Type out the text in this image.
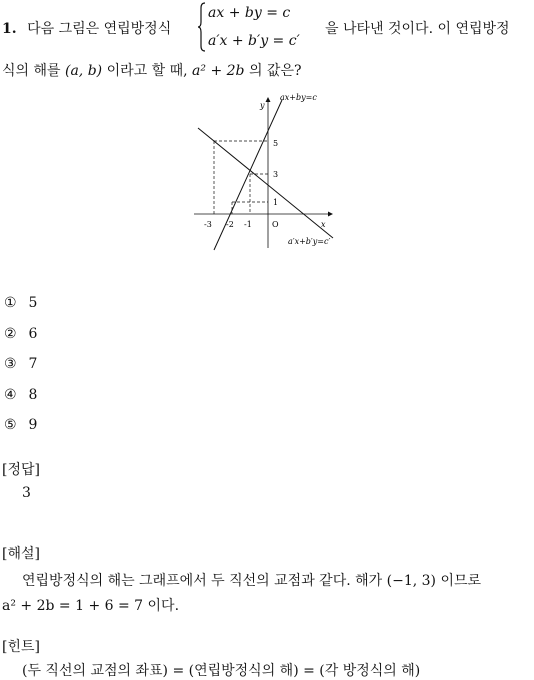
1. 다음 그림은 연립방정식
ax + by = c
a′x + b′y = c′
을 나타낸 것이다. 이 연립방정
식의 해를 (a, b) 이라고 할 때, a² + 2b 의 값은?
y
x
ax+by=c
a′x+b′y=c′
O
-3 -2 -1
5
3
1
① 5
② 6
③ 7
④ 8
⑤ 9
[정답]
3
[해설]
연립방정식의 해는 그래프에서 두 직선의 교점과 같다. 해가 (−1, 3) 이므로
a² + 2b = 1 + 6 = 7 이다.
[힌트]
(두 직선의 교점의 좌표) = (연립방정식의 해) = (각 방정식의 해)
